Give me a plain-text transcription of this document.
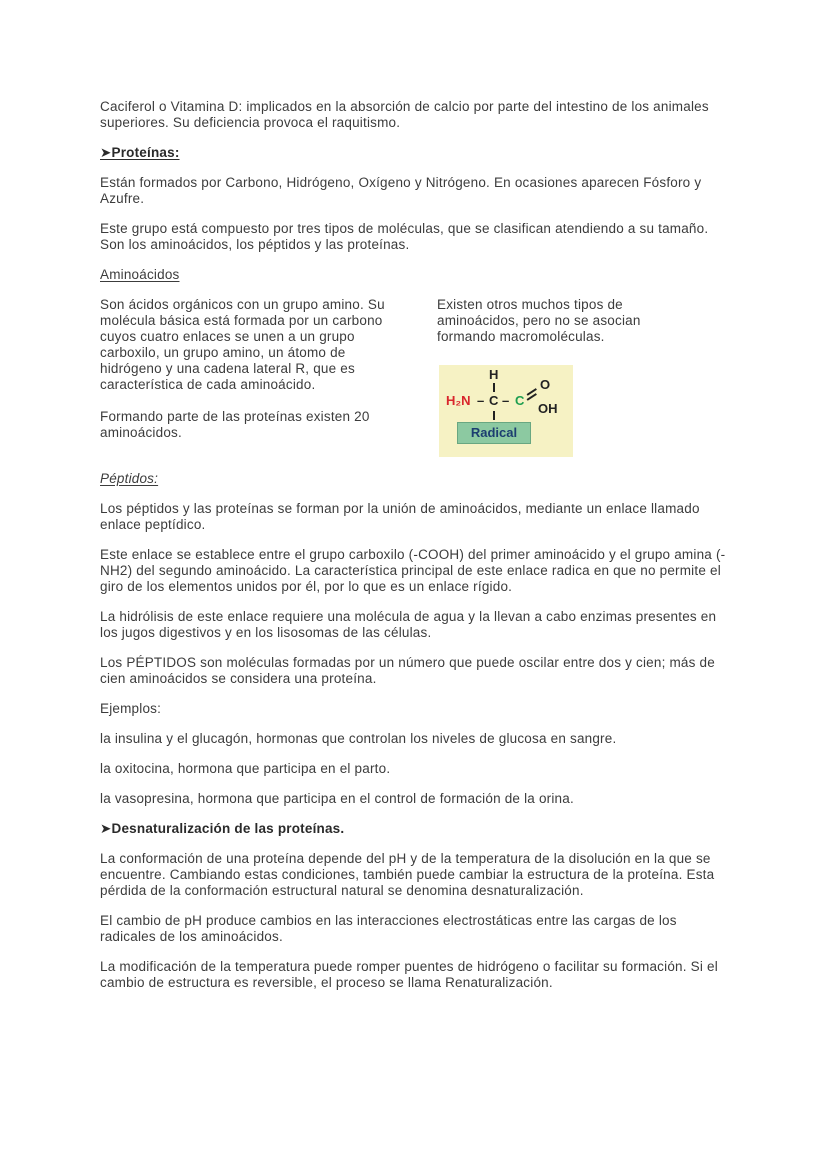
Caciferol o Vitamina D: implicados en la absorción de calcio por parte del intestino de los animales superiores. Su deficiencia provoca el raquitismo.

➤Proteínas:

Están formados por Carbono, Hidrógeno, Oxígeno y Nitrógeno. En ocasiones aparecen Fósforo y Azufre.

Este grupo está compuesto por tres tipos de moléculas, que se clasifican atendiendo a su tamaño. Son los aminoácidos, los péptidos y las proteínas.

Aminoácidos

Son ácidos orgánicos con un grupo amino. Su molécula básica está formada por un carbono cuyos cuatro enlaces se unen a un grupo carboxilo, un grupo amino, un átomo de hidrógeno y una cadena lateral R, que es característica de cada aminoácido.

Formando parte de las proteínas existen 20 aminoácidos.

Existen otros muchos tipos de aminoácidos, pero no se asocian formando macromoléculas.

H
H₂N – C – C
O
OH
Radical

Péptidos:

Los péptidos y las proteínas se forman por la unión de aminoácidos, mediante un enlace llamado enlace peptídico.

Este enlace se establece entre el grupo carboxilo (-COOH) del primer aminoácido y el grupo amina (-NH2) del segundo aminoácido. La característica principal de este enlace radica en que no permite el giro de los elementos unidos por él, por lo que es un enlace rígido.

La hidrólisis de este enlace requiere una molécula de agua y la llevan a cabo enzimas presentes en los jugos digestivos y en los lisosomas de las células.

Los PÉPTIDOS son moléculas formadas por un número que puede oscilar entre dos y cien; más de cien aminoácidos se considera una proteína.

Ejemplos:

la insulina y el glucagón, hormonas que controlan los niveles de glucosa en sangre.

la oxitocina, hormona que participa en el parto.

la vasopresina, hormona que participa en el control de formación de la orina.

➤Desnaturalización de las proteínas.

La conformación de una proteína depende del pH y de la temperatura de la disolución en la que se encuentre. Cambiando estas condiciones, también puede cambiar la estructura de la proteína. Esta pérdida de la conformación estructural natural se denomina desnaturalización.

El cambio de pH produce cambios en las interacciones electrostáticas entre las cargas de los radicales de los aminoácidos.

La modificación de la temperatura puede romper puentes de hidrógeno o facilitar su formación. Si el cambio de estructura es reversible, el proceso se llama Renaturalización.
